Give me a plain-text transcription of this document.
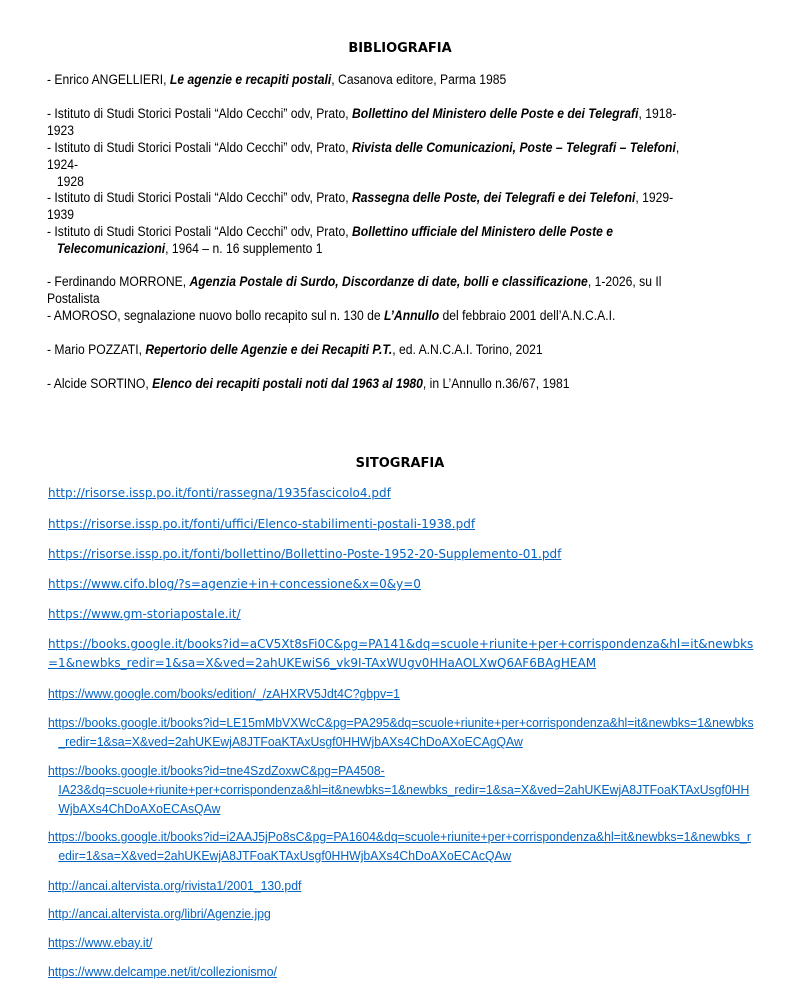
BIBLIOGRAFIA
- Enrico ANGELLIERI, Le agenzie e recapiti postali, Casanova editore, Parma 1985
- Istituto di Studi Storici Postali “Aldo Cecchi” odv, Prato, Bollettino del Ministero delle Poste e dei Telegrafi, 1918-1923
- Istituto di Studi Storici Postali “Aldo Cecchi” odv, Prato, Rivista delle Comunicazioni, Poste – Telegrafi – Telefoni, 1924-
1928
- Istituto di Studi Storici Postali “Aldo Cecchi” odv, Prato, Rassegna delle Poste, dei Telegrafi e dei Telefoni, 1929-1939
- Istituto di Studi Storici Postali “Aldo Cecchi” odv, Prato, Bollettino ufficiale del Ministero delle Poste e
Telecomunicazioni, 1964 – n. 16 supplemento 1
- Ferdinando MORRONE, Agenzia Postale di Surdo, Discordanze di date, bolli e classificazione, 1-2026, su Il Postalista
- AMOROSO, segnalazione nuovo bollo recapito sul n. 130 de L’Annullo del febbraio 2001 dell’A.N.C.A.I.
- Mario POZZATI, Repertorio delle Agenzie e dei Recapiti P.T., ed. A.N.C.A.I. Torino, 2021
- Alcide SORTINO, Elenco dei recapiti postali noti dal 1963 al 1980, in L’Annullo n.36/67, 1981
SITOGRAFIA
http://risorse.issp.po.it/fonti/rassegna/1935fascicolo4.pdf
https://risorse.issp.po.it/fonti/uffici/Elenco-stabilimenti-postali-1938.pdf
https://risorse.issp.po.it/fonti/bollettino/Bollettino-Poste-1952-20-Supplemento-01.pdf
https://www.cifo.blog/?s=agenzie+in+concessione&x=0&y=0
https://www.gm-storiapostale.it/
https://books.google.it/books?id=aCV5Xt8sFi0C&pg=PA141&dq=scuole+riunite+per+corrispondenza&hl=it&newbks
=1&newbks_redir=1&sa=X&ved=2ahUKEwiS6_vk9I-TAxWUgv0HHaAOLXwQ6AF6BAgHEAM
https://www.google.com/books/edition/_/zAHXRV5Jdt4C?gbpv=1
https://books.google.it/books?id=LE15mMbVXWcC&pg=PA295&dq=scuole+riunite+per+corrispondenza&hl=it&newbks=1&newbks
_redir=1&sa=X&ved=2ahUKEwjA8JTFoaKTAxUsgf0HHWjbAXs4ChDoAXoECAgQAw
https://books.google.it/books?id=tne4SzdZoxwC&pg=PA4508-
IA23&dq=scuole+riunite+per+corrispondenza&hl=it&newbks=1&newbks_redir=1&sa=X&ved=2ahUKEwjA8JTFoaKTAxUsgf0HH
WjbAXs4ChDoAXoECAsQAw
https://books.google.it/books?id=i2AAJ5jPo8sC&pg=PA1604&dq=scuole+riunite+per+corrispondenza&hl=it&newbks=1&newbks_r
edir=1&sa=X&ved=2ahUKEwjA8JTFoaKTAxUsgf0HHWjbAXs4ChDoAXoECAcQAw
http://ancai.altervista.org/rivista1/2001_130.pdf
http://ancai.altervista.org/libri/Agenzie.jpg
https://www.ebay.it/
https://www.delcampe.net/it/collezionismo/
